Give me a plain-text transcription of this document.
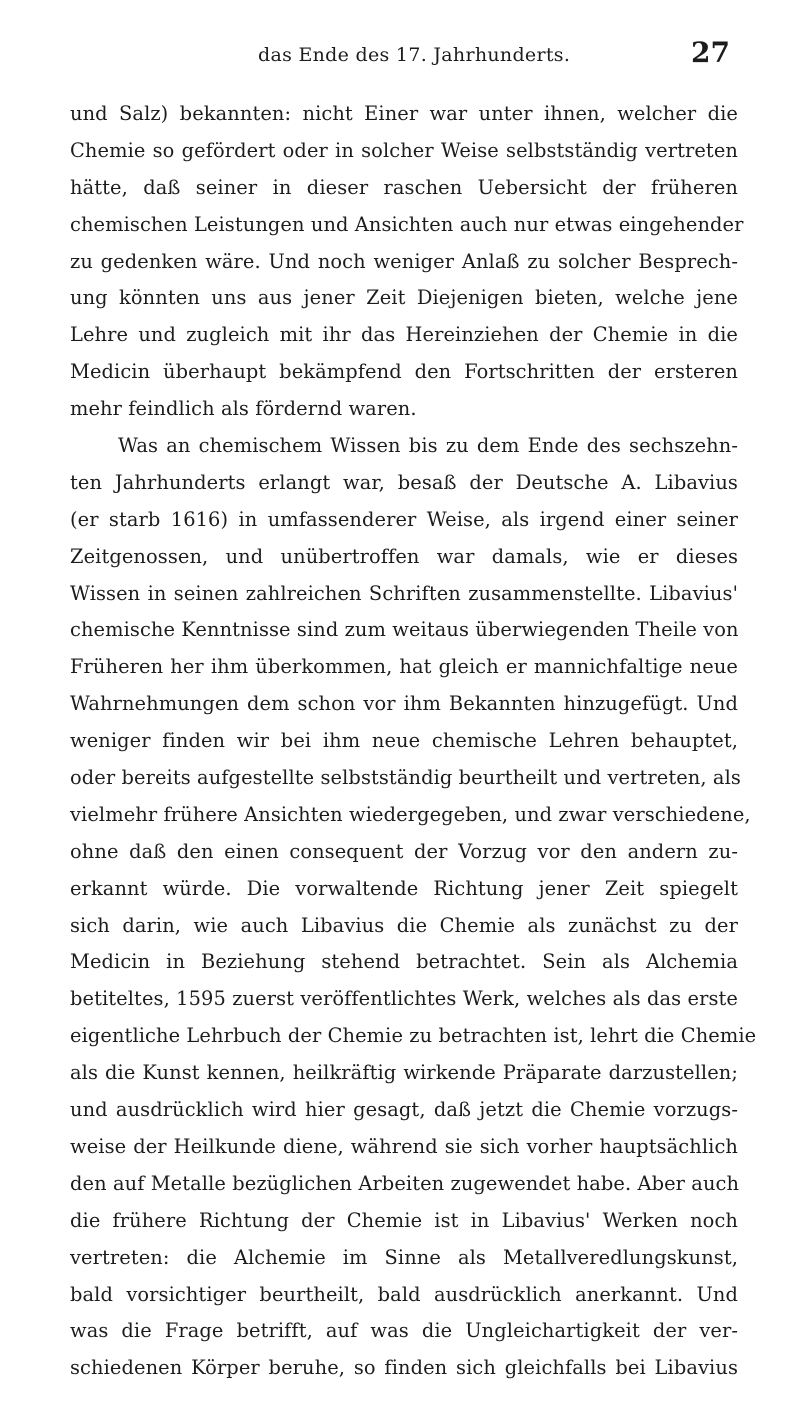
das Ende des 17. Jahrhunderts.	27
und Salz) bekannten: nicht Einer war unter ihnen, welcher die
Chemie so gefördert oder in solcher Weise selbstständig vertreten
hätte, daß seiner in dieser raschen Uebersicht der früheren
chemischen Leistungen und Ansichten auch nur etwas eingehender
zu gedenken wäre. Und noch weniger Anlaß zu solcher Besprech-
ung könnten uns aus jener Zeit Diejenigen bieten, welche jene
Lehre und zugleich mit ihr das Hereinziehen der Chemie in die
Medicin überhaupt bekämpfend den Fortschritten der ersteren
mehr feindlich als fördernd waren.
Was an chemischem Wissen bis zu dem Ende des sechszehn-
ten Jahrhunderts erlangt war, besaß der Deutsche A. Libavius
(er starb 1616) in umfassenderer Weise, als irgend einer seiner
Zeitgenossen, und unübertroffen war damals, wie er dieses
Wissen in seinen zahlreichen Schriften zusammenstellte. Libavius'
chemische Kenntnisse sind zum weitaus überwiegenden Theile von
Früheren her ihm überkommen, hat gleich er mannichfaltige neue
Wahrnehmungen dem schon vor ihm Bekannten hinzugefügt. Und
weniger finden wir bei ihm neue chemische Lehren behauptet,
oder bereits aufgestellte selbstständig beurtheilt und vertreten, als
vielmehr frühere Ansichten wiedergegeben, und zwar verschiedene,
ohne daß den einen consequent der Vorzug vor den andern zu-
erkannt würde. Die vorwaltende Richtung jener Zeit spiegelt
sich darin, wie auch Libavius die Chemie als zunächst zu der
Medicin in Beziehung stehend betrachtet. Sein als Alchemia
betiteltes, 1595 zuerst veröffentlichtes Werk, welches als das erste
eigentliche Lehrbuch der Chemie zu betrachten ist, lehrt die Chemie
als die Kunst kennen, heilkräftig wirkende Präparate darzustellen;
und ausdrücklich wird hier gesagt, daß jetzt die Chemie vorzugs-
weise der Heilkunde diene, während sie sich vorher hauptsächlich
den auf Metalle bezüglichen Arbeiten zugewendet habe. Aber auch
die frühere Richtung der Chemie ist in Libavius' Werken noch
vertreten: die Alchemie im Sinne als Metallveredlungskunst,
bald vorsichtiger beurtheilt, bald ausdrücklich anerkannt. Und
was die Frage betrifft, auf was die Ungleichartigkeit der ver-
schiedenen Körper beruhe, so finden sich gleichfalls bei Libavius
